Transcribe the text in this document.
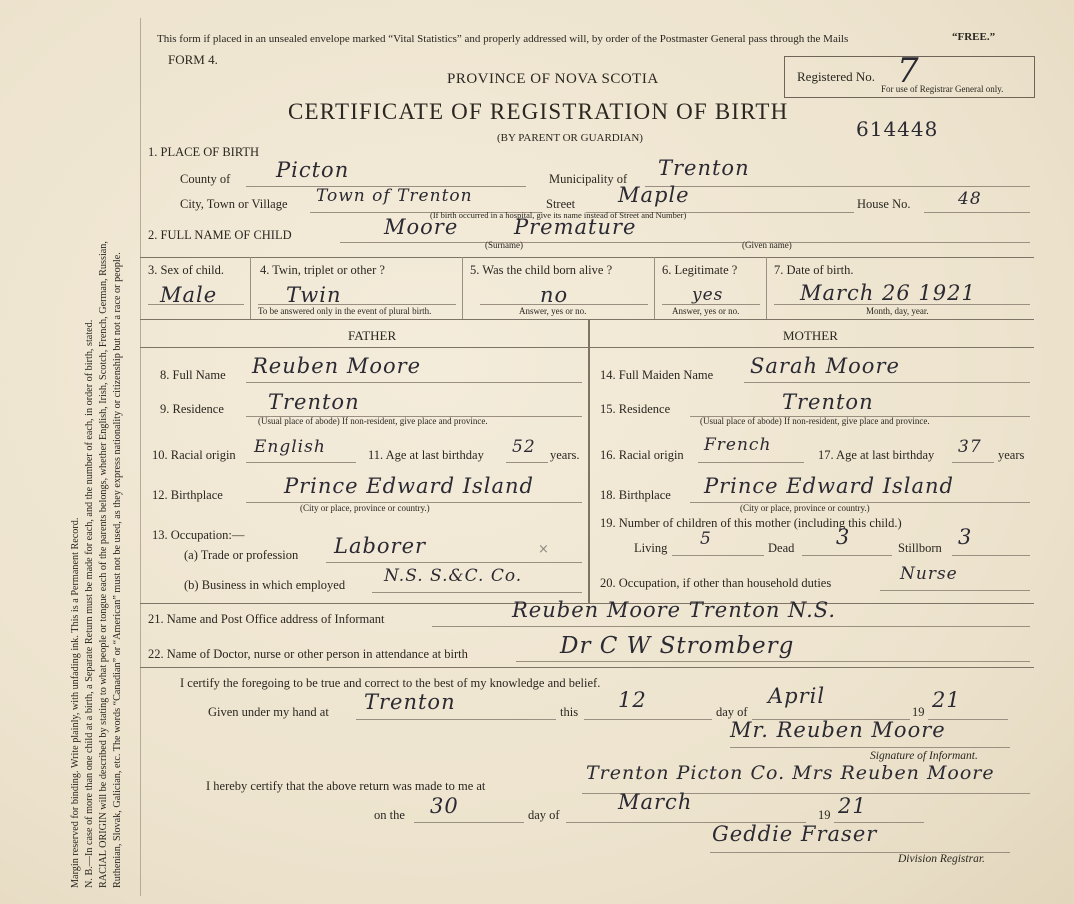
Margin reserved for binding. Write plainly, with unfading ink. This is a Permanent Record. N. B.—In case of more than one child at a birth, a Separate Return must be made for each, and the number of each, in order of birth, stated. RACIAL ORIGIN will be described by stating to what people or tongue each of the parents belongs, whether English, Irish, Scotch, French, German, Russian, Ruthenian, Slovak, Galician, etc. The words “Canadian” or “American” must not be used, as they express nationality or citizenship but not a race or people.
This form if placed in an unsealed envelope marked “Vital Statistics” and properly addressed will, by order of the Postmaster General pass through the Mails	“FREE.”
FORM 4.
PROVINCE OF NOVA SCOTIA
CERTIFICATE OF REGISTRATION OF BIRTH
(BY PARENT OR GUARDIAN)
Registered No. 7
For use of Registrar General only.
614448
1. PLACE OF BIRTH
County of Picton	Municipality of Trenton
City, Town or Village Town of Trenton	Street Maple	House No.	48
(If birth occurred in a hospital, give its name instead of Street and Number)
2. FULL NAME OF CHILD	Moore	Premature
(Surname)	(Given name)
3. Sex of child.
Male
4. Twin, triplet or other ?
Twin
To be answered only in the event of plural birth.
5. Was the child born alive ?
no
Answer, yes or no.
6. Legitimate ?
yes
Answer, yes or no.
7. Date of birth.
March 26 1921
Month, day, year.
FATHER	MOTHER
8. Full Name Reuben Moore
9. Residence Trenton
(Usual place of abode) If non-resident, give place and province.
10. Racial origin English	11. Age at last birthday 52 years.
12. Birthplace	Prince Edward Island
(City or place, province or country.)
13. Occupation:—
(a) Trade or profession Laborer	×
(b) Business in which employed N.S. S.&C. Co.
14. Full Maiden Name Sarah Moore
15. Residence	Trenton
(Usual place of abode) If non-resident, give place and province.
16. Racial origin French	17. Age at last birthday 37 years
18. Birthplace Prince Edward Island
(City or place, province or country.)
19. Number of children of this mother (including this child.)
Living 5	Dead 3	Stillborn 3
20. Occupation, if other than household duties	Nurse
21. Name and Post Office address of Informant	Reuben Moore Trenton N.S.
22. Name of Doctor, nurse or other person in attendance at birth	Dr C W Stromberg
I certify the foregoing to be true and correct to the best of my knowledge and belief.
Given under my hand at Trenton	this 12	day of
April
19 21
Mr. Reuben Moore
Signature of Informant.
I hereby certify that the above return was made to me at
Trenton Picton Co. Mrs Reuben Moore
on the 30	day of
March
19 21
Geddie Fraser
Division Registrar.
